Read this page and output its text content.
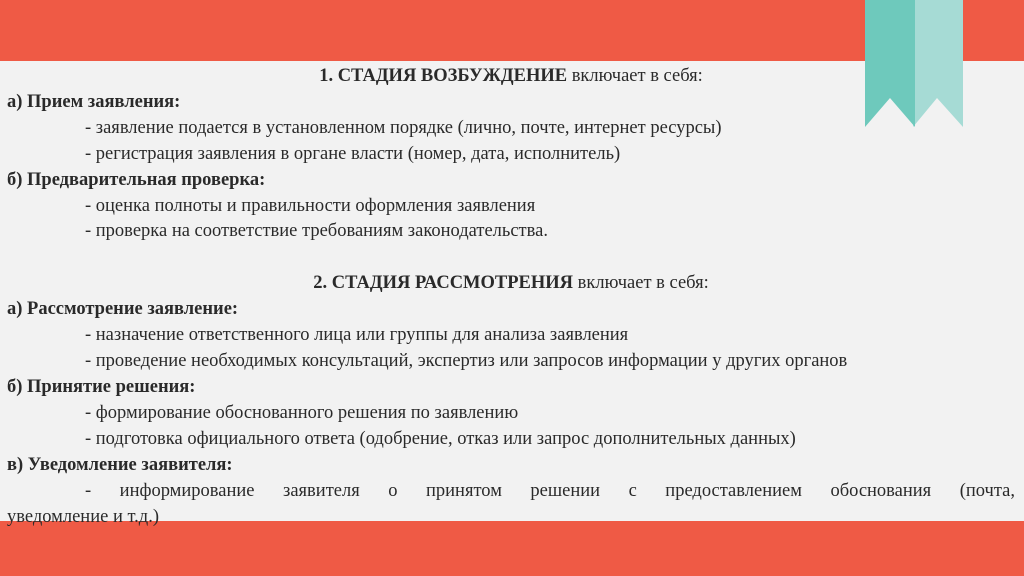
1. СТАДИЯ ВОЗБУЖДЕНИЕ включает в себя:
а) Прием заявления:
- заявление подается в установленном порядке (лично, почте, интернет ресурсы)
- регистрация заявления в органе власти (номер, дата, исполнитель)
б) Предварительная проверка:
- оценка полноты и правильности оформления заявления
- проверка на соответствие требованиям законодательства.
2. СТАДИЯ РАССМОТРЕНИЯ включает в себя:
а) Рассмотрение заявление:
- назначение ответственного лица или группы для анализа заявления
- проведение необходимых консультаций, экспертиз или запросов информации у других органов
б) Принятие решения:
- формирование обоснованного решения по заявлению
- подготовка официального ответа (одобрение, отказ или запрос дополнительных данных)
в) Уведомление заявителя:
- информирование заявителя о принятом решении с предоставлением обоснования (почта,
уведомление и т.д.)
